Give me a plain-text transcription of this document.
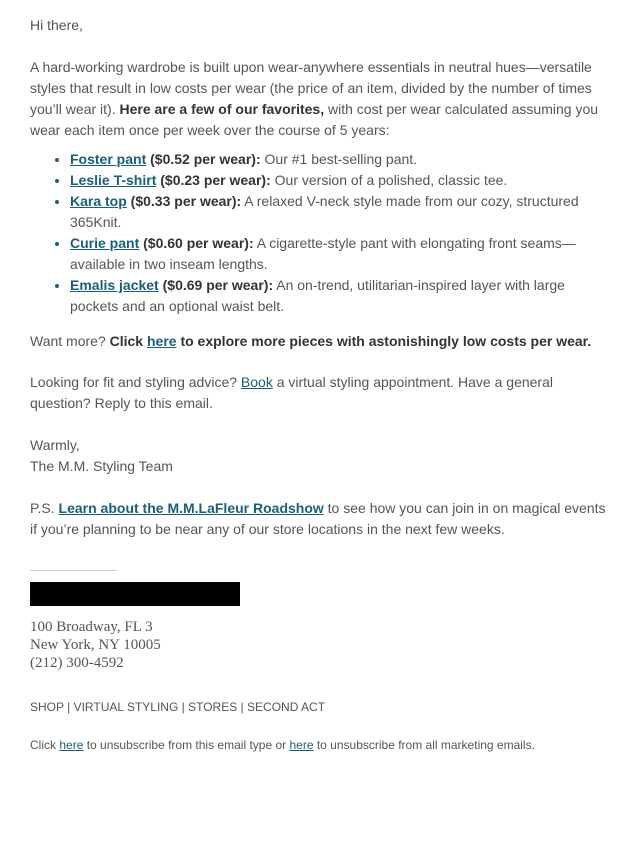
Hi there,

A hard-working wardrobe is built upon wear-anywhere essentials in neutral hues—versatile styles that result in low costs per wear (the price of an item, divided by the number of times you’ll wear it). Here are a few of our favorites, with cost per wear calculated assuming you wear each item once per week over the course of 5 years:

• Foster pant ($0.52 per wear): Our #1 best-selling pant.
• Leslie T-shirt ($0.23 per wear): Our version of a polished, classic tee.
• Kara top ($0.33 per wear): A relaxed V-neck style made from our cozy, structured 365Knit.
• Curie pant ($0.60 per wear): A cigarette-style pant with elongating front seams—available in two inseam lengths.
• Emalis jacket ($0.69 per wear): An on-trend, utilitarian-inspired layer with large pockets and an optional waist belt.

Want more? Click here to explore more pieces with astonishingly low costs per wear.

Looking for fit and styling advice? Book a virtual styling appointment. Have a general question? Reply to this email.

Warmly,

The M.M. Styling Team

P.S. Learn about the M.M.LaFleur Roadshow to see how you can join in on magical events if you’re planning to be near any of our store locations in the next few weeks.

100 Broadway, FL 3
New York, NY 10005
(212) 300-4592
SHOP | VIRTUAL STYLING | STORES | SECOND ACT
Click here to unsubscribe from this email type or here to unsubscribe from all marketing emails.
